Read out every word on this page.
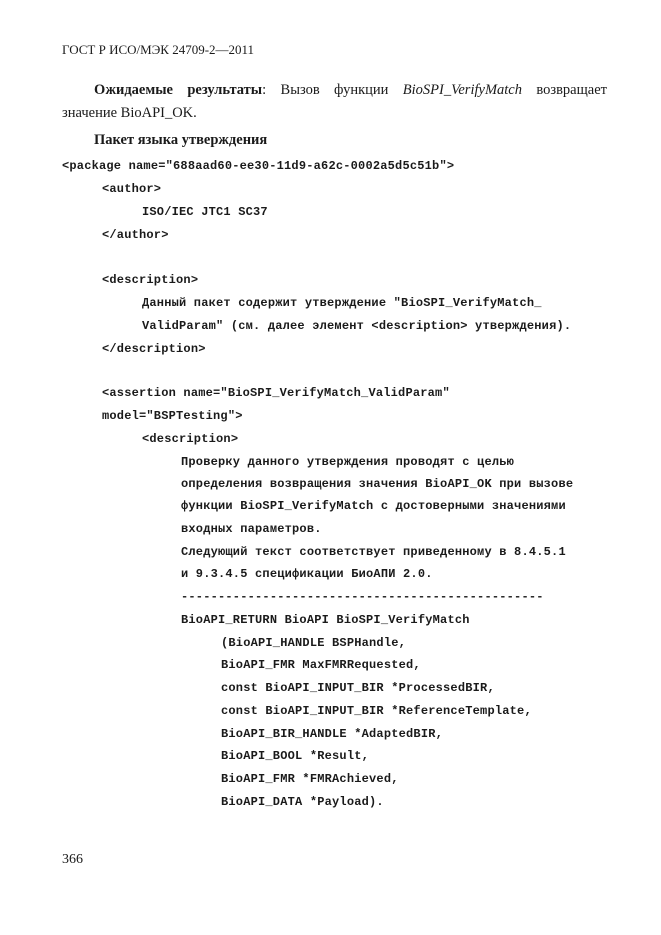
ГОСТ Р ИСО/МЭК 24709-2—2011
Ожидаемые результаты: Вызов функции BioSPI_VerifyMatch возвращает значение BioAPI_OK.
Пакет языка утверждения
<package name="688aad60-ee30-11d9-a62c-0002a5d5c51b">
<author>
ISO/IEC JTC1 SC37
</author>
<description>
Данный пакет содержит утверждение "BioSPI_VerifyMatch_
ValidParam" (см. далее элемент <description> утверждения).
</description>
<assertion name="BioSPI_VerifyMatch_ValidParam"
model="BSPTesting">
<description>
Проверку данного утверждения проводят с целью
определения возвращения значения BioAPI_OK при вызове
функции BioSPI_VerifyMatch с достоверными значениями
входных параметров.
Следующий текст соответствует приведенному в 8.4.5.1
и 9.3.4.5 спецификации БиоАПИ 2.0.
-------------------------------------------------
BioAPI_RETURN BioAPI BioSPI_VerifyMatch
(BioAPI_HANDLE BSPHandle,
BioAPI_FMR MaxFMRRequested,
const BioAPI_INPUT_BIR *ProcessedBIR,
const BioAPI_INPUT_BIR *ReferenceTemplate,
BioAPI_BIR_HANDLE *AdaptedBIR,
BioAPI_BOOL *Result,
BioAPI_FMR *FMRAchieved,
BioAPI_DATA *Payload).
366
